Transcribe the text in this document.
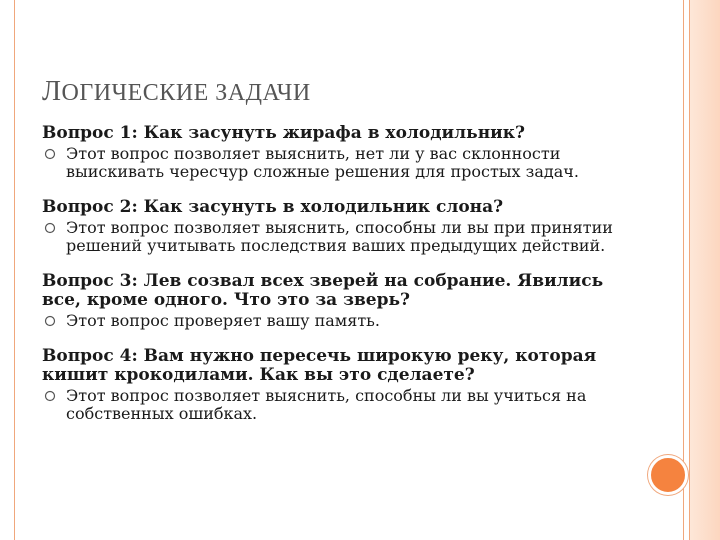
ЛОГИЧЕСКИЕ ЗАДАЧИ

Вопрос 1: Как засунуть жирафа в холодильник?

Этот вопрос позволяет выяснить, нет ли у вас склонности выискивать чересчур сложные решения для простых задач.

Вопрос 2: Как засунуть в холодильник слона?

Этот вопрос позволяет выяснить, способны ли вы при принятии решений учитывать последствия ваших предыдущих действий.

Вопрос 3: Лев созвал всех зверей на собрание. Явились все, кроме одного. Что это за зверь?

Этот вопрос проверяет вашу память.

Вопрос 4: Вам нужно пересечь широкую реку, которая кишит крокодилами. Как вы это сделаете?

Этот вопрос позволяет выяснить, способны ли вы учиться на собственных ошибках.
